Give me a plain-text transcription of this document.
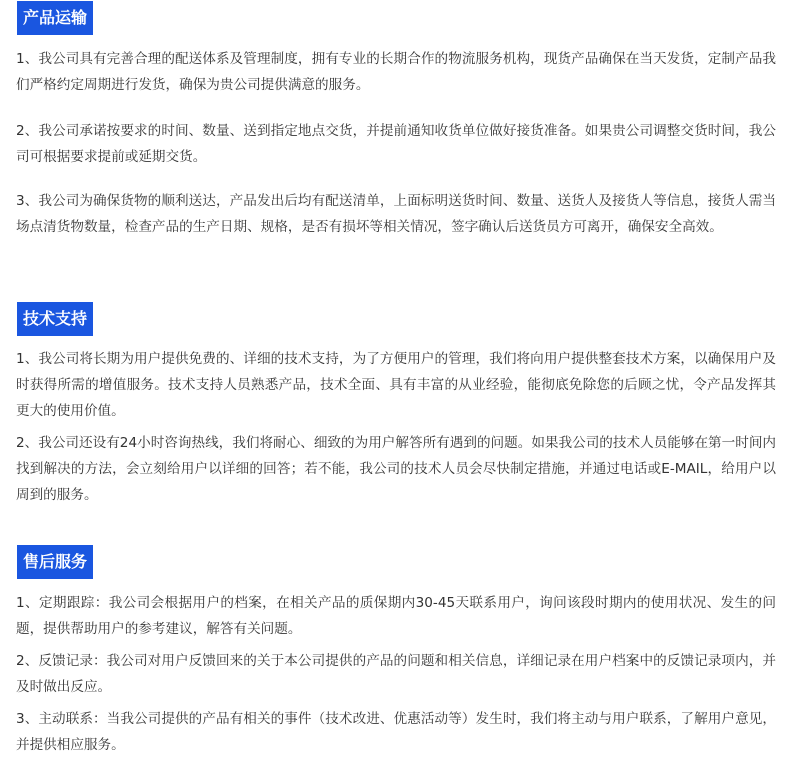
产品运输

1、我公司具有完善合理的配送体系及管理制度，拥有专业的长期合作的物流服务机构，现货产品确保在当天发货，定制产品我们严格约定周期进行发货，确保为贵公司提供满意的服务。

2、我公司承诺按要求的时间、数量、送到指定地点交货，并提前通知收货单位做好接货准备。如果贵公司调整交货时间，我公司可根据要求提前或延期交货。

3、我公司为确保货物的顺利送达，产品发出后均有配送清单，上面标明送货时间、数量、送货人及接货人等信息，接货人需当场点清货物数量，检查产品的生产日期、规格，是否有损坏等相关情况，签字确认后送货员方可离开，确保安全高效。

技术支持

1、我公司将长期为用户提供免费的、详细的技术支持，为了方便用户的管理，我们将向用户提供整套技术方案，以确保用户及时获得所需的增值服务。技术支持人员熟悉产品，技术全面、具有丰富的从业经验，能彻底免除您的后顾之忧，令产品发挥其更大的使用价值。

2、我公司还设有24小时咨询热线，我们将耐心、细致的为用户解答所有遇到的问题。如果我公司的技术人员能够在第一时间内找到解决的方法，会立刻给用户以详细的回答；若不能，我公司的技术人员会尽快制定措施，并通过电话或E-MAIL，给用户以周到的服务。

售后服务

1、定期跟踪：我公司会根据用户的档案，在相关产品的质保期内30-45天联系用户，询问该段时期内的使用状况、发生的问题，提供帮助用户的参考建议，解答有关问题。

2、反馈记录：我公司对用户反馈回来的关于本公司提供的产品的问题和相关信息，详细记录在用户档案中的反馈记录项内，并及时做出反应。

3、主动联系：当我公司提供的产品有相关的事件（技术改进、优惠活动等）发生时，我们将主动与用户联系，了解用户意见，并提供相应服务。
